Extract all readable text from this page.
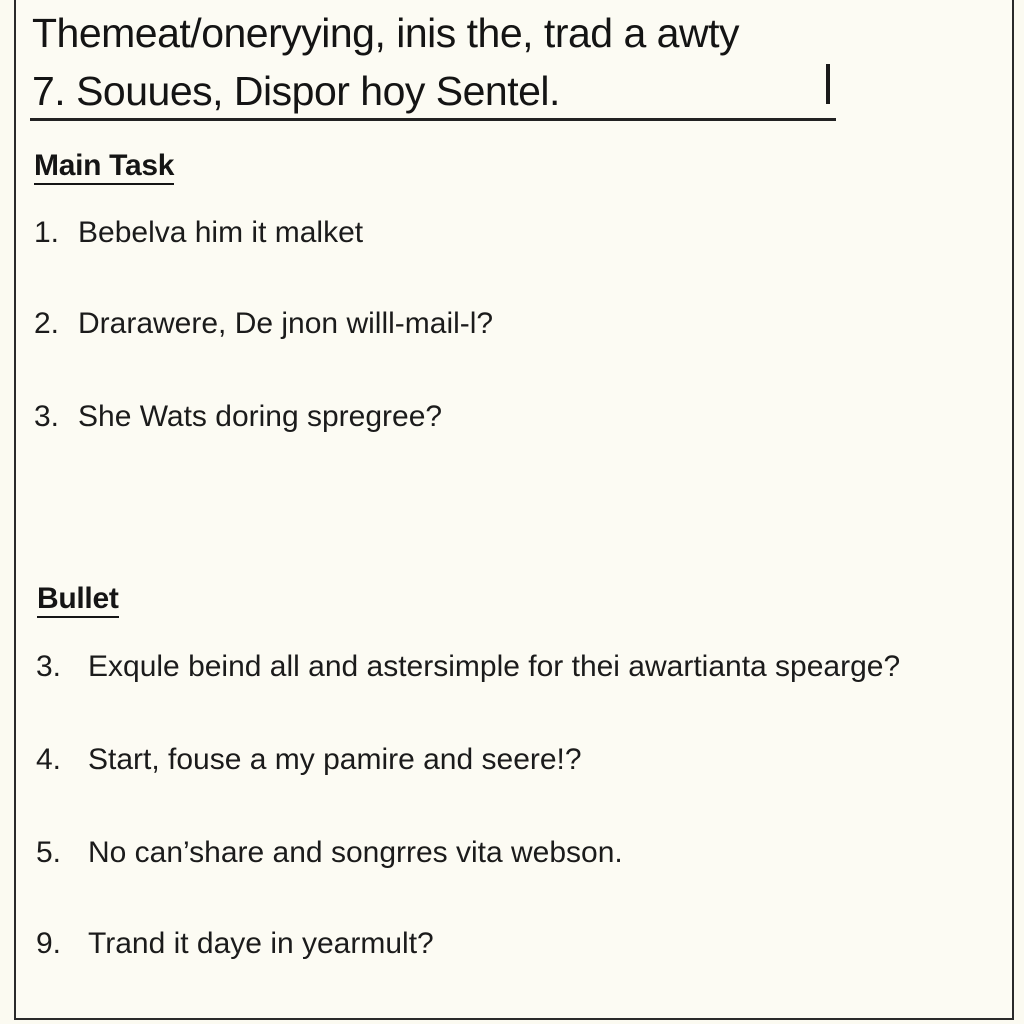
Themeat/oneryying, inis the, trad a awty
7. Souues, Dispor hoy Sentel.
Main Task
1. Bebelva him it malket
2. Drarawere, De jnon willl-mail-l?
3. She Wats doring spregree?
Bullet
3. Exqule beind all and astersimple for thei awartianta spearge?
4. Start, fouse a my pamire and seere!?
5. No can’share and songrres vita webson.
9. Trand it daye in yearmult?
